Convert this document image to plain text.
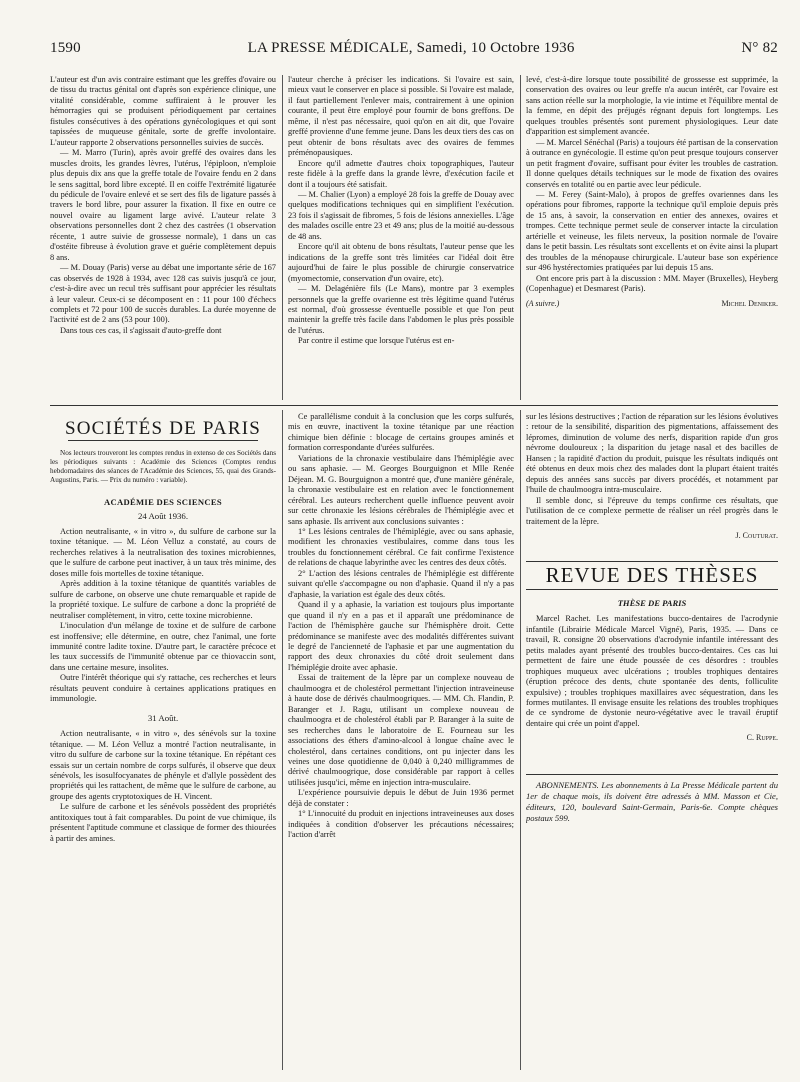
1590	LA PRESSE MÉDICALE, Samedi, 10 Octobre 1936	N° 82

L'auteur est d'un avis contraire estimant que les greffes d'ovaire ou de tissu du tractus génital ont d'après son expérience clinique, une vitalité considérable, comme suffiraient à le prouver les hémorragies qui se produisent périodiquement par certaines fistules consécutives à des opérations gynécologiques et qui sont tapissées de muqueuse génitale, sorte de greffe involontaire. L'auteur rapporte 2 observations personnelles suivies de succès.

— M. Marro (Turin), après avoir greffé des ovaires dans les muscles droits, les grandes lèvres, l'utérus, l'épiploon, n'emploie plus depuis dix ans que la greffe totale de l'ovaire fendu en 2 dans le sens sagittal, bord libre excepté. Il en coiffe l'extrémité ligaturée du pédicule de l'ovaire enlevé et se sert des fils de ligature passés à travers le bord libre, pour assurer la fixation. Il fixe en outre ce nouvel ovaire au ligament large avivé. L'auteur relate 3 observations personnelles dont 2 chez des castrées (1 observation récente, 1 autre suivie de grossesse normale), 1 dans un cas d'ostéite fibreuse à évolution grave et guérie complètement depuis 8 ans.

— M. Douay (Paris) verse au débat une importante série de 167 cas observés de 1928 à 1934, avec 128 cas suivis jusqu'à ce jour, c'est-à-dire avec un recul très suffisant pour apprécier les résultats à leur valeur. Ceux-ci se décomposent en : 11 pour 100 d'échecs complets et 72 pour 100 de succès durables. La durée moyenne de l'activité est de 2 ans (53 pour 100).

Dans tous ces cas, il s'agissait d'auto-greffe dont

l'auteur cherche à préciser les indications. Si l'ovaire est sain, mieux vaut le conserver en place si possible. Si l'ovaire est malade, il faut partiellement l'enlever mais, contrairement à une opinion courante, il peut être employé pour fournir de bons greffons. De même, il n'est pas nécessaire, quoi qu'on en ait dit, que l'ovaire greffé provienne d'une femme jeune. Dans les deux tiers des cas on peut obtenir de bons résultats avec des ovaires de femmes préménopausiques.

Encore qu'il admette d'autres choix topographiques, l'auteur reste fidèle à la greffe dans la grande lèvre, d'exécution facile et dont il a toujours été satisfait.

— M. Chalier (Lyon) a employé 28 fois la greffe de Douay avec quelques modifications techniques qui en simplifient l'exécution. 23 fois il s'agissait de fibromes, 5 fois de lésions annexielles. L'âge des malades oscille entre 23 et 49 ans; plus de la moitié au-dessous de 48 ans.

Encore qu'il ait obtenu de bons résultats, l'auteur pense que les indications de la greffe sont très limitées car l'idéal doit être aujourd'hui de faire le plus possible de chirurgie conservatrice (myomectomie, conservation d'un ovaire, etc).

— M. Delagénière fils (Le Mans), montre par 3 exemples personnels que la greffe ovarienne est très légitime quand l'utérus est normal, d'où grossesse éventuelle possible et que l'on peut maintenir la greffe très facile dans l'abdomen le plus près possible de l'utérus.

Par contre il estime que lorsque l'utérus est en-

levé, c'est-à-dire lorsque toute possibilité de grossesse est supprimée, la conservation des ovaires ou leur greffe n'a aucun intérêt, car l'ovaire est sans action réelle sur la morphologie, la vie intime et l'équilibre mental de la femme, en dépit des préjugés régnant depuis fort longtemps. Les quelques troubles présentés sont purement physiologiques. Leur date d'apparition est simplement avancée.

— M. Marcel Sénéchal (Paris) a toujours été partisan de la conservation à outrance en gynécologie. Il estime qu'on peut presque toujours conserver un petit fragment d'ovaire, suffisant pour éviter les troubles de castration. Il donne quelques détails techniques sur le mode de fixation des ovaires conservés en totalité ou en partie avec leur pédicule.

— M. Ferey (Saint-Malo), à propos de greffes ovariennes dans les opérations pour fibromes, rapporte la technique qu'il emploie depuis près de 15 ans, à savoir, la conservation en entier des annexes, ovaires et trompes. Cette technique permet seule de conserver intacte la circulation artérielle et veineuse, les filets nerveux, la position normale de l'ovaire dans le petit bassin. Les résultats sont excellents et on évite ainsi la plupart des troubles de la ménopause chirurgicale. L'auteur base son expérience sur 496 hystérectomies pratiquées par lui depuis 15 ans.

Ont encore pris part à la discussion : MM. Mayer (Bruxelles), Heyberg (Copenhague) et Desmarest (Paris).

(A suivre.)	Michel Deniker.
SOCIÉTÉS DE PARIS

Nos lecteurs trouveront les comptes rendus in extenso de ces Sociétés dans les périodiques suivants : Académie des Sciences (Comptes rendus hebdomadaires des séances de l'Académie des Sciences, 55, quai des Grands-Augustins, Paris. — Prix du numéro : variable).

ACADÉMIE DES SCIENCES
24 Août 1936.

Action neutralisante, « in vitro », du sulfure de carbone sur la toxine tétanique. — M. Léon Velluz a constaté, au cours de recherches relatives à la neutralisation des toxines microbiennes, que le sulfure de carbone peut inactiver, à un taux très minime, des doses mille fois mortelles de toxine tétanique.

Après addition à la toxine tétanique de quantités variables de sulfure de carbone, on observe une chute remarquable et rapide de la propriété toxique. Le sulfure de carbone a donc la propriété de neutraliser complètement, in vitro, cette toxine microbienne.

L'inoculation d'un mélange de toxine et de sulfure de carbone est inoffensive; elle détermine, en outre, chez l'animal, une forte immunité contre ladite toxine. D'autre part, le caractère précoce et les taux successifs de l'immunité obtenue par ce thiovaccin sont, dans une certaine mesure, insolites.

Outre l'intérêt théorique qui s'y rattache, ces recherches et leurs résultats peuvent conduire à certaines applications pratiques en immunologie.

31 Août.

Action neutralisante, « in vitro », des sénévols sur la toxine tétanique. — M. Léon Velluz a montré l'action neutralisante, in vitro du sulfure de carbone sur la toxine tétanique. En répétant ces essais sur un certain nombre de corps sulfurés, il observe que deux sénévols, les isosulfocyanates de phényle et d'allyle possèdent des propriétés qui les rattachent, de même que le sulfure de carbone, au groupe des agents cryptotoxiques de H. Vincent.

Le sulfure de carbone et les sénévols possèdent des propriétés antitoxiques tout à fait comparables. Du point de vue chimique, ils présentent l'aptitude commune et classique de former des thiourées à partir des amines.

Ce parallélisme conduit à la conclusion que les corps sulfurés, mis en œuvre, inactivent la toxine tétanique par une réaction chimique bien définie : blocage de certains groupes aminés et formation correspondante d'urées sulfurées.

Variations de la chronaxie vestibulaire dans l'hémiplégie avec ou sans aphasie. — M. Georges Bourguignon et Mlle Renée Déjean. M. G. Bourguignon a montré que, d'une manière générale, la chronaxie vestibulaire est en relation avec le fonctionnement cérébral. Les auteurs recherchent quelle influence peuvent avoir sur cette chronaxie les lésions cérébrales de l'hémiplégie avec et sans aphasie. Ils arrivent aux conclusions suivantes :

1° Les lésions centrales de l'hémiplégie, avec ou sans aphasie, modifient les chronaxies vestibulaires, comme dans tous les troubles du fonctionnement cérébral. Ce fait confirme l'existence de relations de chaque labyrinthe avec les centres des deux côtés.

2° L'action des lésions centrales de l'hémiplégie est différente suivant qu'elle s'accompagne ou non d'aphasie. Quand il n'y a pas d'aphasie, la variation est égale des deux côtés.

Quand il y a aphasie, la variation est toujours plus importante que quand il n'y en a pas et il apparaît une prédominance de l'action de l'hémisphère gauche sur l'hémisphère droit. Cette prédominance se manifeste avec des modalités différentes suivant le degré de l'ancienneté de l'aphasie et par une augmentation du rapport des deux chronaxies du côté droit seulement dans l'hémiplégie droite avec aphasie.

Essai de traitement de la lèpre par un complexe nouveau de chaulmoogra et de cholestérol permettant l'injection intraveineuse à haute dose de dérivés chaulmoogriques. — MM. Ch. Flandin, P. Baranger et J. Ragu, utilisant un complexe nouveau de chaulmoogra et de cholestérol établi par P. Baranger à la suite de ses recherches dans le laboratoire de E. Fourneau sur les associations des éthers d'amino-alcool à longue chaîne avec le cholestérol, dans certaines conditions, ont pu injecter dans les veines une dose quotidienne de 0,040 à 0,240 milligrammes de dérivé chaulmoogrique, dose considérable par rapport à celles utilisées jusqu'ici, même en injection intra-musculaire.

L'expérience poursuivie depuis le début de Juin 1936 permet déjà de constater :

1° L'innocuité du produit en injections intraveineuses aux doses indiquées à condition d'observer les précautions nécessaires; l'action d'arrêt

sur les lésions destructives ; l'action de réparation sur les lésions évolutives : retour de la sensibilité, disparition des pigmentations, affaissement des lépromes, diminution de volume des nerfs, disparition rapide d'un gros névrome douloureux ; la disparition du jetage nasal et des bacilles de Hansen ; la rapidité d'action du produit, puisque les résultats indiqués ont été obtenus en deux mois chez des malades dont la plupart étaient traités depuis des années sans succès par divers procédés, et notamment par l'huile de chaulmoogra intra-musculaire.

Il semble donc, si l'épreuve du temps confirme ces résultats, que l'utilisation de ce complexe permette de réaliser un réel progrès dans le traitement de la lèpre.

J. Couturat.
REVUE DES THÈSES
THÈSE DE PARIS

Marcel Rachet. Les manifestations bucco-dentaires de l'acrodynie infantile (Librairie Médicale Marcel Vigné), Paris, 1935. — Dans ce travail, R. consigne 20 observations d'acrodynie infantile intéressant des petits malades ayant présenté des troubles bucco-dentaires. Ces cas lui permettent de faire une étude poussée de ces désordres : troubles trophiques muqueux avec ulcérations ; troubles trophiques dentaires (éruption précoce des dents, chute spontanée des dents, folliculite expulsive) ; troubles trophiques maxillaires avec séquestration, dans les formes mutilantes. Il envisage ensuite les relations des troubles trophiques de ce syndrome de dystonie neuro-végétative avec le travail éruptif dentaire qui crée un point d'appel.

C. Ruppe.

ABONNEMENTS. Les abonnements à La Presse Médicale partent du 1er de chaque mois, ils doivent être adressés à MM. Masson et Cie, éditeurs, 120, boulevard Saint-Germain, Paris-6e. Compte chèques postaux 599.
